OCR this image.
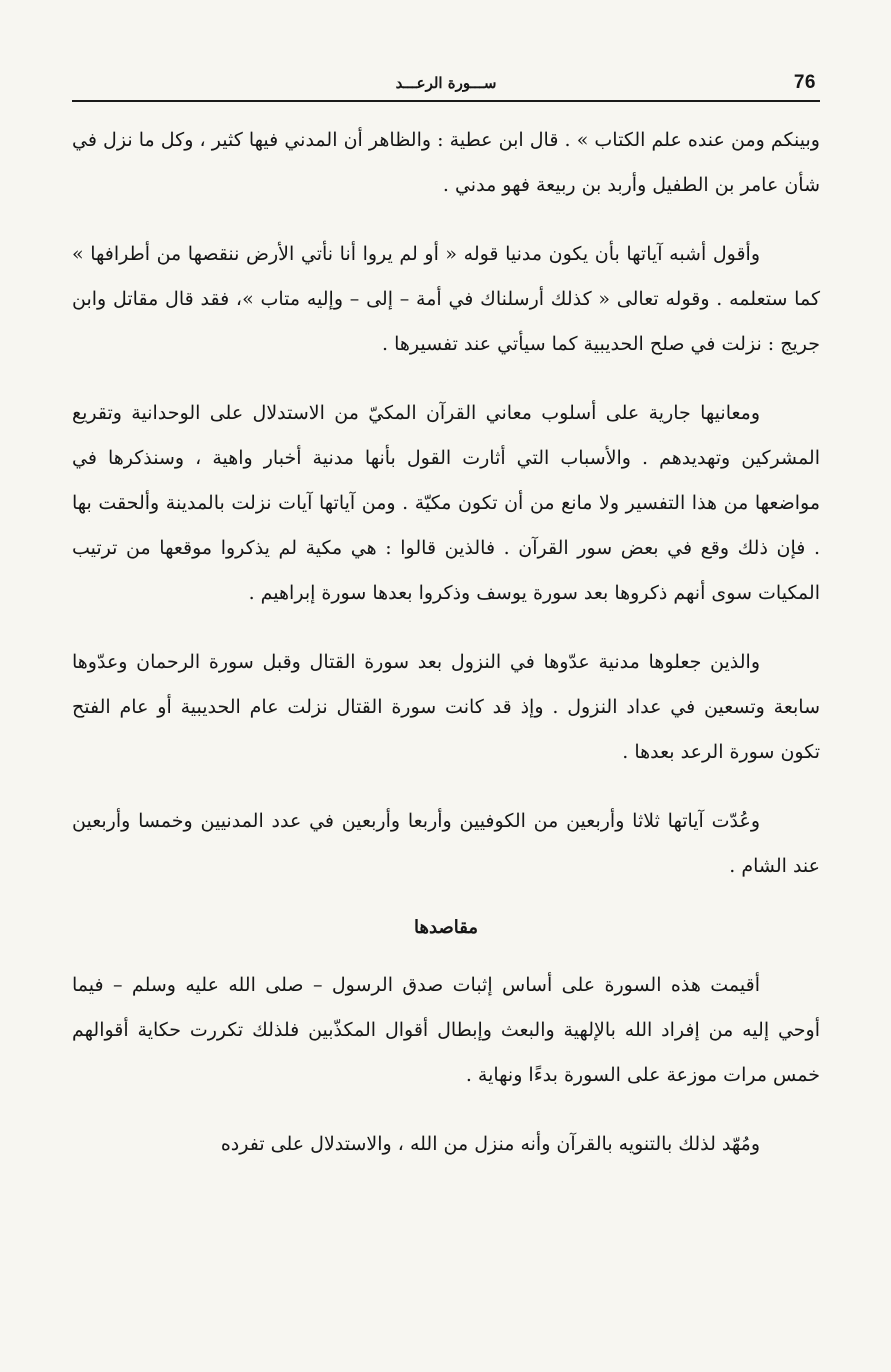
76
ســـورة الرعـــد

وبينكم ومن عنده علم الكتاب » . قال ابن عطية : والظاهر أن المدني فيها كثير ، وكل ما نزل في شأن عامر بن الطفيل وأربد بن ربيعة فهو مدني .

وأقول أشبه آياتها بأن يكون مدنيا قوله « أو لم يروا أنا نأتي الأرض ننقصها من أطرافها » كما ستعلمه . وقوله تعالى « كذلك أرسلناك في أمة – إلى – وإليه متاب »، فقد قال مقاتل وابن جريج : نزلت في صلح الحديبية كما سيأتي عند تفسيرها .

ومعانيها جارية على أسلوب معاني القرآن المكيّ من الاستدلال على الوحدانية وتقريع المشركين وتهديدهم . والأسباب التي أثارت القول بأنها مدنية أخبار واهية ، وسنذكرها في مواضعها من هذا التفسير ولا مانع من أن تكون مكيّة . ومن آياتها آيات نزلت بالمدينة وألحقت بها . فإن ذلك وقع في بعض سور القرآن . فالذين قالوا : هي مكية لم يذكروا موقعها من ترتيب المكيات سوى أنهم ذكروها بعد سورة يوسف وذكروا بعدها سورة إبراهيم .

والذين جعلوها مدنية عدّوها في النزول بعد سورة القتال وقبل سورة الرحمان وعدّوها سابعة وتسعين في عداد النزول . وإذ قد كانت سورة القتال نزلت عام الحديبية أو عام الفتح تكون سورة الرعد بعدها .

وعُدّت آياتها ثلاثا وأربعين من الكوفيين وأربعا وأربعين في عدد المدنيين وخمسا وأربعين عند الشام .

مقاصدها

أقيمت هذه السورة على أساس إثبات صدق الرسول – صلى الله عليه وسلم – فيما أوحي إليه من إفراد الله بالإلهية والبعث وإبطال أقوال المكذّبين فلذلك تكررت حكاية أقوالهم خمس مرات موزعة على السورة بدءًا ونهاية .

ومُهّد لذلك بالتنويه بالقرآن وأنه منزل من الله ، والاستدلال على تفرده
